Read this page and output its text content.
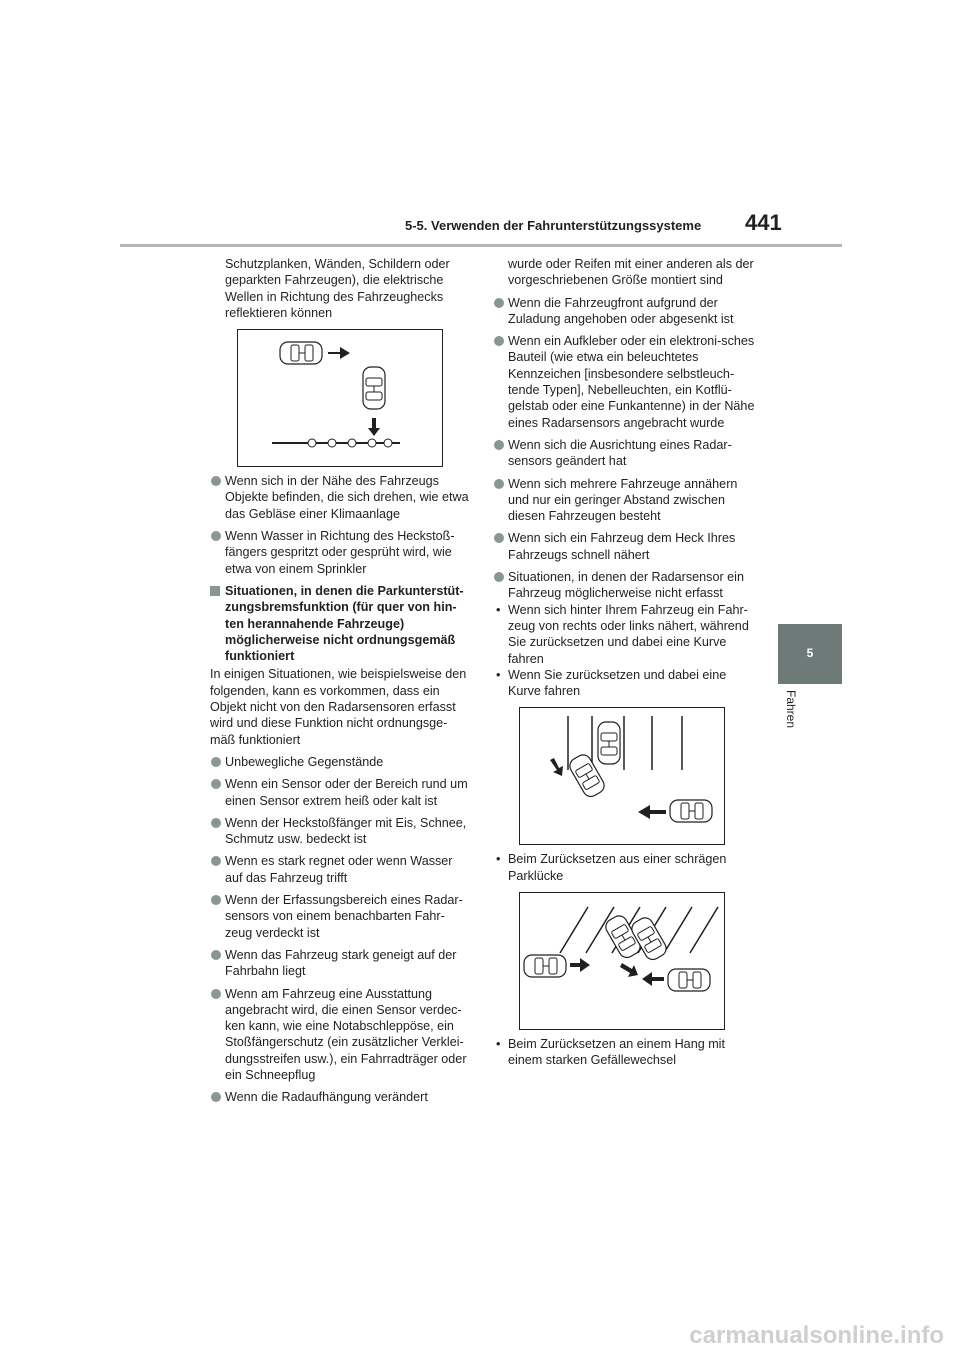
5-5. Verwenden der Fahrunterstützungssysteme 441
5
Fahren

Schutzplanken, Wänden, Schildern oder geparkten Fahrzeugen), die elektrische Wellen in Richtung des Fahrzeughecks reflektieren können

Wenn sich in der Nähe des Fahrzeugs Objekte befinden, die sich drehen, wie etwa das Gebläse einer Klimaanlage

Wenn Wasser in Richtung des Heckstoß-fängers gespritzt oder gesprüht wird, wie etwa von einem Sprinkler

Situationen, in denen die Parkunterstüt-zungsbremsfunktion (für quer von hin-ten herannahende Fahrzeuge) möglicherweise nicht ordnungsgemäß funktioniert

In einigen Situationen, wie beispielsweise den folgenden, kann es vorkommen, dass ein Objekt nicht von den Radarsensoren erfasst wird und diese Funktion nicht ordnungsge-mäß funktioniert

Unbewegliche Gegenstände

Wenn ein Sensor oder der Bereich rund um einen Sensor extrem heiß oder kalt ist

Wenn der Heckstoßfänger mit Eis, Schnee, Schmutz usw. bedeckt ist

Wenn es stark regnet oder wenn Wasser auf das Fahrzeug trifft

Wenn der Erfassungsbereich eines Radar-sensors von einem benachbarten Fahr-zeug verdeckt ist

Wenn das Fahrzeug stark geneigt auf der Fahrbahn liegt

Wenn am Fahrzeug eine Ausstattung angebracht wird, die einen Sensor verdec-ken kann, wie eine Notabschleppöse, ein Stoßfängerschutz (ein zusätzlicher Verklei-dungsstreifen usw.), ein Fahrradträger oder ein Schneepflug

Wenn die Radaufhängung verändert

wurde oder Reifen mit einer anderen als der vorgeschriebenen Größe montiert sind

Wenn die Fahrzeugfront aufgrund der Zuladung angehoben oder abgesenkt ist

Wenn ein Aufkleber oder ein elektroni-sches Bauteil (wie etwa ein beleuchtetes Kennzeichen [insbesondere selbstleuch-tende Typen], Nebelleuchten, ein Kotflü-gelstab oder eine Funkantenne) in der Nähe eines Radarsensors angebracht wurde

Wenn sich die Ausrichtung eines Radar-sensors geändert hat

Wenn sich mehrere Fahrzeuge annähern und nur ein geringer Abstand zwischen diesen Fahrzeugen besteht

Wenn sich ein Fahrzeug dem Heck Ihres Fahrzeugs schnell nähert

Situationen, in denen der Radarsensor ein Fahrzeug möglicherweise nicht erfasst

• Wenn sich hinter Ihrem Fahrzeug ein Fahr-zeug von rechts oder links nähert, während Sie zurücksetzen und dabei eine Kurve fahren

• Wenn Sie zurücksetzen und dabei eine Kurve fahren

• Beim Zurücksetzen aus einer schrägen Parklücke

• Beim Zurücksetzen an einem Hang mit einem starken Gefällewechsel

carmanualsonline.info
